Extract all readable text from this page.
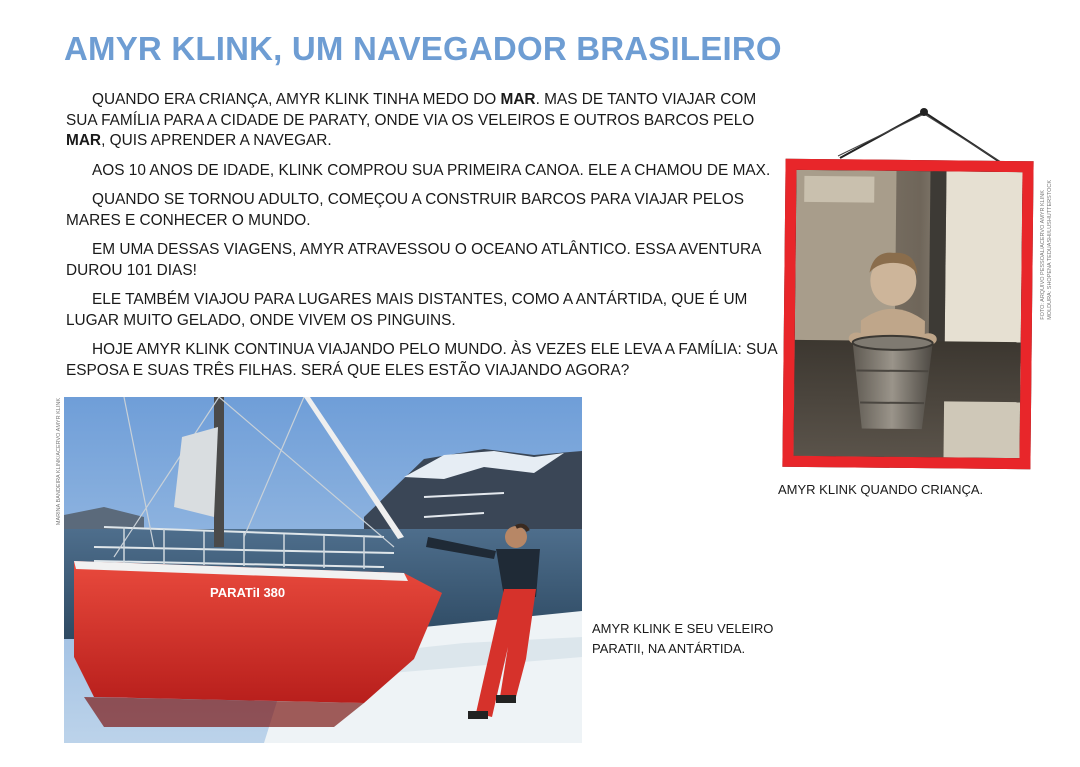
AMYR KLINK, UM NAVEGADOR BRASILEIRO

QUANDO ERA CRIANÇA, AMYR KLINK TINHA MEDO DO MAR. MAS DE TANTO VIAJAR COM SUA FAMÍLIA PARA A CIDADE DE PARATY, ONDE VIA OS VELEIROS E OUTROS BARCOS PELO MAR, QUIS APRENDER A NAVEGAR.

AOS 10 ANOS DE IDADE, KLINK COMPROU SUA PRIMEIRA CANOA. ELE A CHAMOU DE MAX.

QUANDO SE TORNOU ADULTO, COMEÇOU A CONSTRUIR BARCOS PARA VIAJAR PELOS MARES E CONHECER O MUNDO.

EM UMA DESSAS VIAGENS, AMYR ATRAVESSOU O OCEANO ATLÂNTICO. ESSA AVENTURA DUROU 101 DIAS!

ELE TAMBÉM VIAJOU PARA LUGARES MAIS DISTANTES, COMO A ANTÁRTIDA, QUE É UM LUGAR MUITO GELADO, ONDE VIVEM OS PINGUINS.

HOJE AMYR KLINK CONTINUA VIAJANDO PELO MUNDO. ÀS VEZES ELE LEVA A FAMÍLIA: SUA ESPOSA E SUAS TRÊS FILHAS. SERÁ QUE ELES ESTÃO VIAJANDO AGORA?

FOTO: ARQUIVO PESSOAL/ACERVO AMYR KLINK MOLDURA: SHOPENA TEDUASHI/LUSHUTTERSTOCK
AMYR KLINK QUANDO CRIANÇA.
MARINA BANDEIRA KLINK/ACERVO AMYR KLINK
PARATiI 380
AMYR KLINK E SEU VELEIRO PARATII, NA ANTÁRTIDA.
